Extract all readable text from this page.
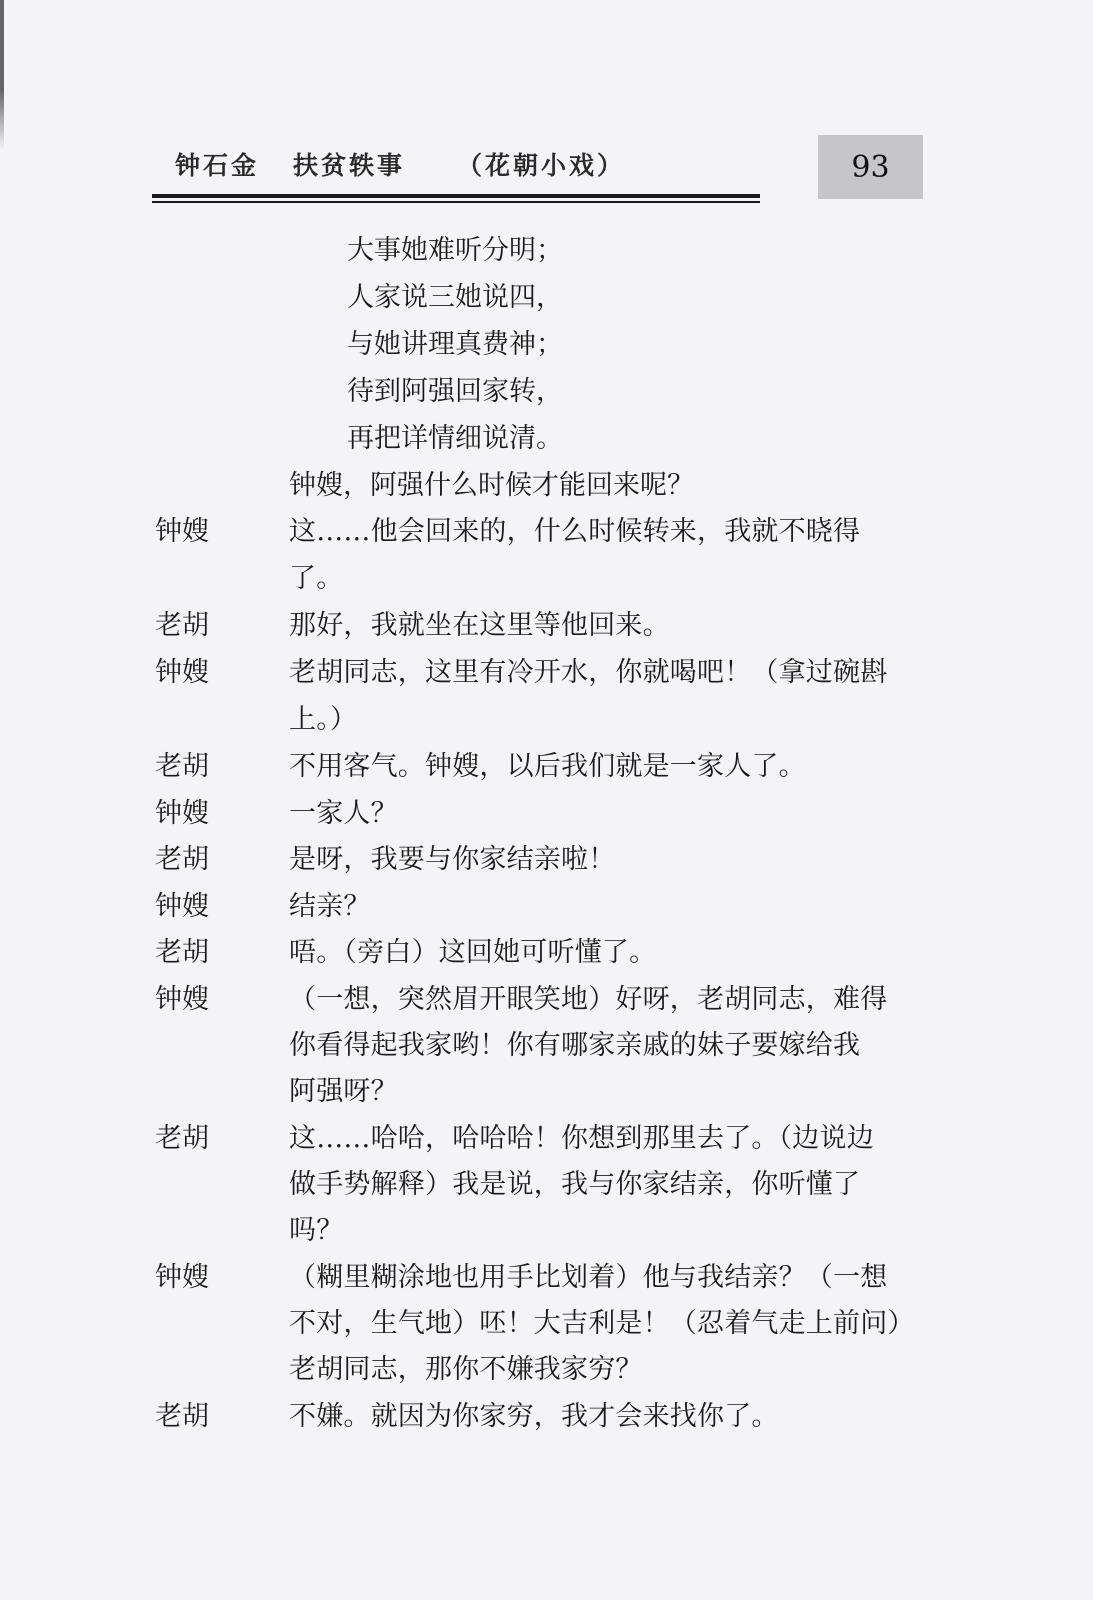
钟石金 扶贫轶事 （花朝小戏）	93
大事她难听分明；
人家说三她说四，
与她讲理真费神；
待到阿强回家转，
再把详情细说清。
钟嫂，阿强什么时候才能回来呢？
钟嫂	这……他会回来的，什么时候转来，我就不晓得
了。
老胡	那好，我就坐在这里等他回来。
钟嫂	老胡同志，这里有冷开水，你就喝吧！（拿过碗斟
上。）
老胡	不用客气。钟嫂，以后我们就是一家人了。
钟嫂	一家人？
老胡	是呀，我要与你家结亲啦！
钟嫂	结亲？
老胡	唔。（旁白）这回她可听懂了。
钟嫂	（一想，突然眉开眼笑地）好呀，老胡同志，难得
你看得起我家哟！你有哪家亲戚的妹子要嫁给我
阿强呀？
老胡	这……哈哈，哈哈哈！你想到那里去了。（边说边
做手势解释）我是说，我与你家结亲，你听懂了
吗？
钟嫂	（糊里糊涂地也用手比划着）他与我结亲？（一想
不对，生气地）呸！大吉利是！（忍着气走上前问）
老胡同志，那你不嫌我家穷？
老胡	不嫌。就因为你家穷，我才会来找你了。
